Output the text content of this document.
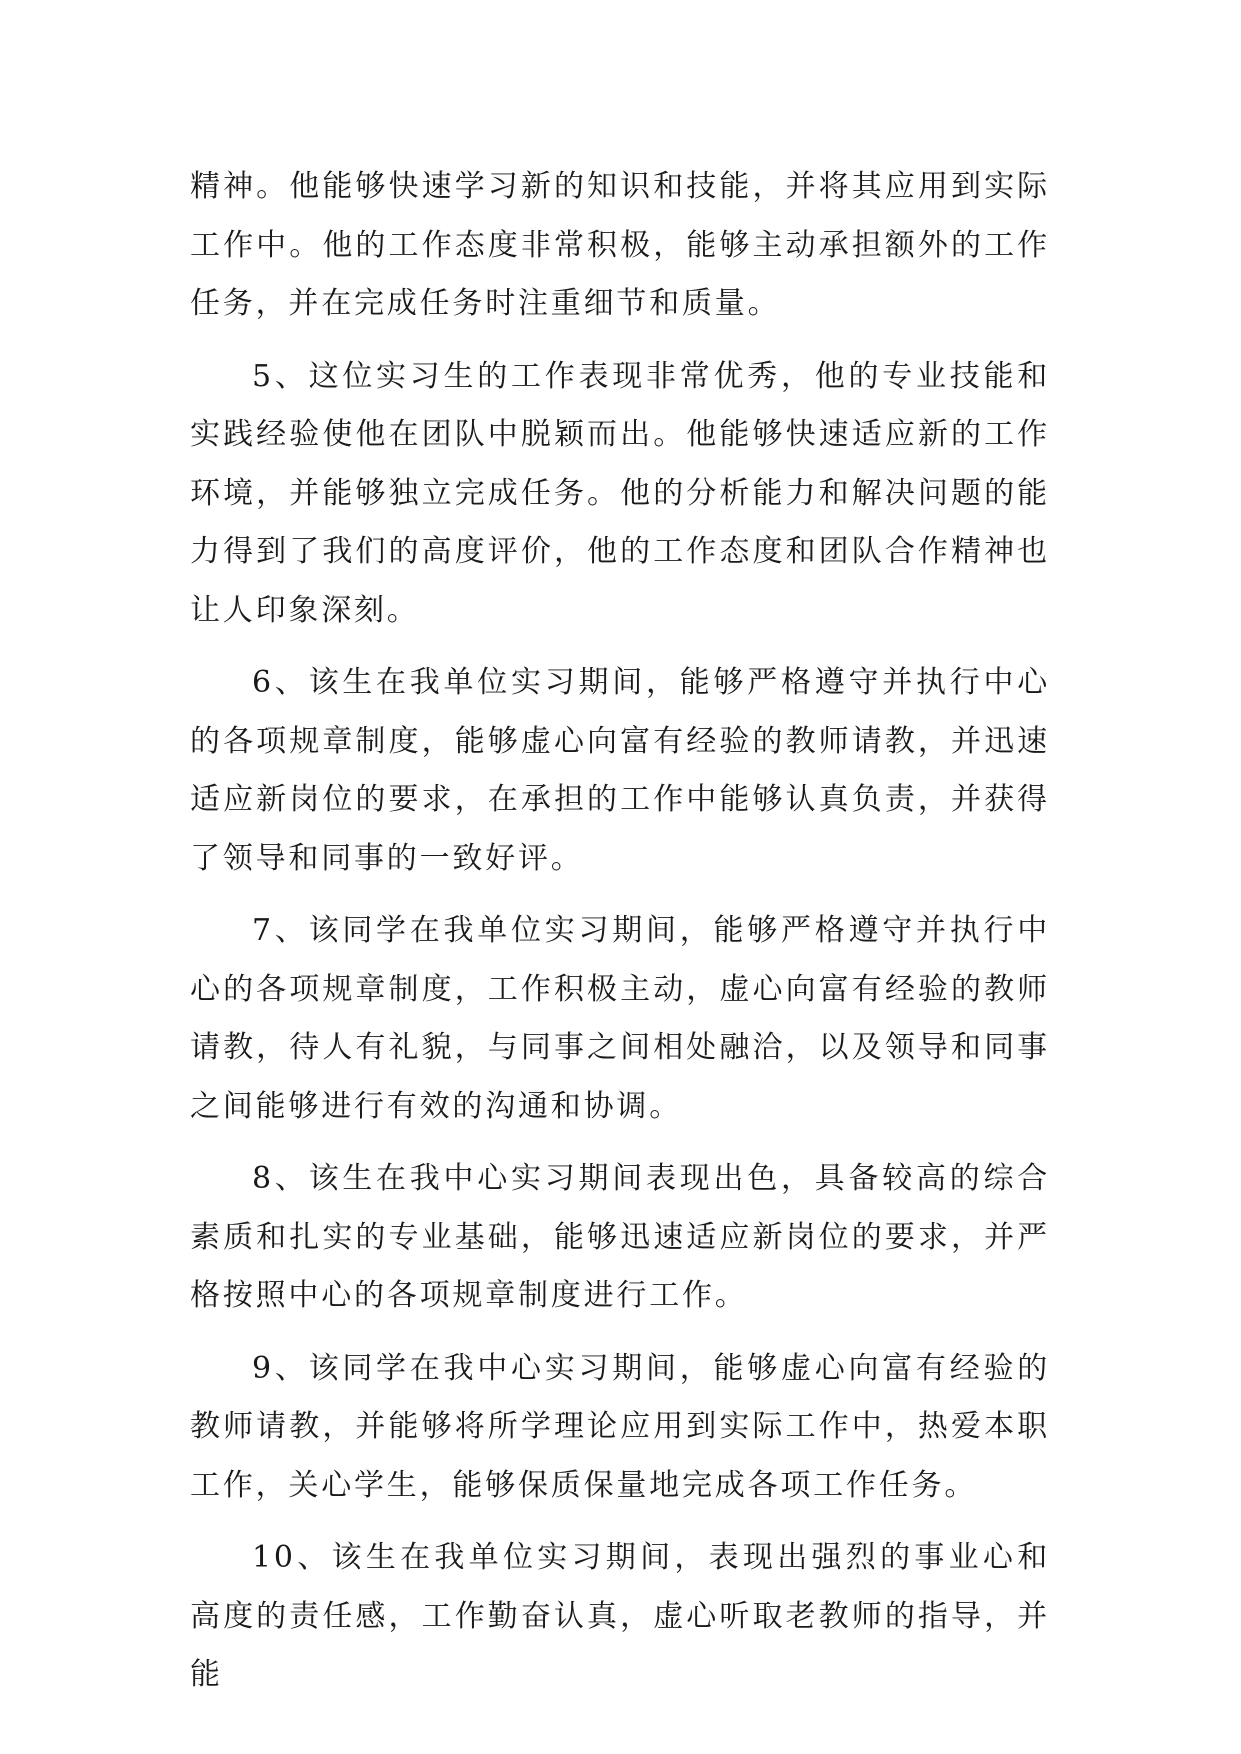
精神。他能够快速学习新的知识和技能，并将其应用到实际工作中。他的工作态度非常积极，能够主动承担额外的工作任务，并在完成任务时注重细节和质量。

5、这位实习生的工作表现非常优秀，他的专业技能和实践经验使他在团队中脱颖而出。他能够快速适应新的工作环境，并能够独立完成任务。他的分析能力和解决问题的能力得到了我们的高度评价，他的工作态度和团队合作精神也让人印象深刻。

6、该生在我单位实习期间，能够严格遵守并执行中心的各项规章制度，能够虚心向富有经验的教师请教，并迅速适应新岗位的要求，在承担的工作中能够认真负责，并获得了领导和同事的一致好评。

7、该同学在我单位实习期间，能够严格遵守并执行中心的各项规章制度，工作积极主动，虚心向富有经验的教师请教，待人有礼貌，与同事之间相处融洽，以及领导和同事之间能够进行有效的沟通和协调。

8、该生在我中心实习期间表现出色，具备较高的综合素质和扎实的专业基础，能够迅速适应新岗位的要求，并严格按照中心的各项规章制度进行工作。

9、该同学在我中心实习期间，能够虚心向富有经验的教师请教，并能够将所学理论应用到实际工作中，热爱本职工作，关心学生，能够保质保量地完成各项工作任务。

10、该生在我单位实习期间，表现出强烈的事业心和高度的责任感，工作勤奋认真，虚心听取老教师的指导，并能
